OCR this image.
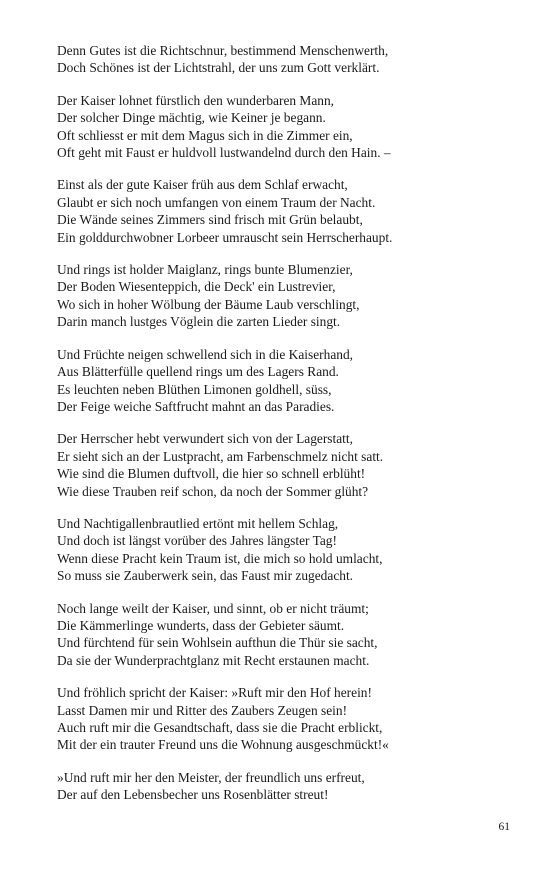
Denn Gutes ist die Richtschnur, bestimmend Menschenwerth,
Doch Schönes ist der Lichtstrahl, der uns zum Gott verklärt.
Der Kaiser lohnet fürstlich den wunderbaren Mann,
Der solcher Dinge mächtig, wie Keiner je begann.
Oft schliesst er mit dem Magus sich in die Zimmer ein,
Oft geht mit Faust er huldvoll lustwandelnd durch den Hain. –
Einst als der gute Kaiser früh aus dem Schlaf erwacht,
Glaubt er sich noch umfangen von einem Traum der Nacht.
Die Wände seines Zimmers sind frisch mit Grün belaubt,
Ein golddurchwobner Lorbeer umrauscht sein Herrscherhaupt.
Und rings ist holder Maiglanz, rings bunte Blumenzier,
Der Boden Wiesenteppich, die Deck' ein Lustrevier,
Wo sich in hoher Wölbung der Bäume Laub verschlingt,
Darin manch lustges Vöglein die zarten Lieder singt.
Und Früchte neigen schwellend sich in die Kaiserhand,
Aus Blätterfülle quellend rings um des Lagers Rand.
Es leuchten neben Blüthen Limonen goldhell, süss,
Der Feige weiche Saftfrucht mahnt an das Paradies.
Der Herrscher hebt verwundert sich von der Lagerstatt,
Er sieht sich an der Lustpracht, am Farbenschmelz nicht satt.
Wie sind die Blumen duftvoll, die hier so schnell erblüht!
Wie diese Trauben reif schon, da noch der Sommer glüht?
Und Nachtigallenbrautlied ertönt mit hellem Schlag,
Und doch ist längst vorüber des Jahres längster Tag!
Wenn diese Pracht kein Traum ist, die mich so hold umlacht,
So muss sie Zauberwerk sein, das Faust mir zugedacht.
Noch lange weilt der Kaiser, und sinnt, ob er nicht träumt;
Die Kämmerlinge wunderts, dass der Gebieter säumt.
Und fürchtend für sein Wohlsein aufthun die Thür sie sacht,
Da sie der Wunderprachtglanz mit Recht erstaunen macht.
Und fröhlich spricht der Kaiser: »Ruft mir den Hof herein!
Lasst Damen mir und Ritter des Zaubers Zeugen sein!
Auch ruft mir die Gesandtschaft, dass sie die Pracht erblickt,
Mit der ein trauter Freund uns die Wohnung ausgeschmückt!«
»Und ruft mir her den Meister, der freundlich uns erfreut,
Der auf den Lebensbecher uns Rosenblätter streut!
61
